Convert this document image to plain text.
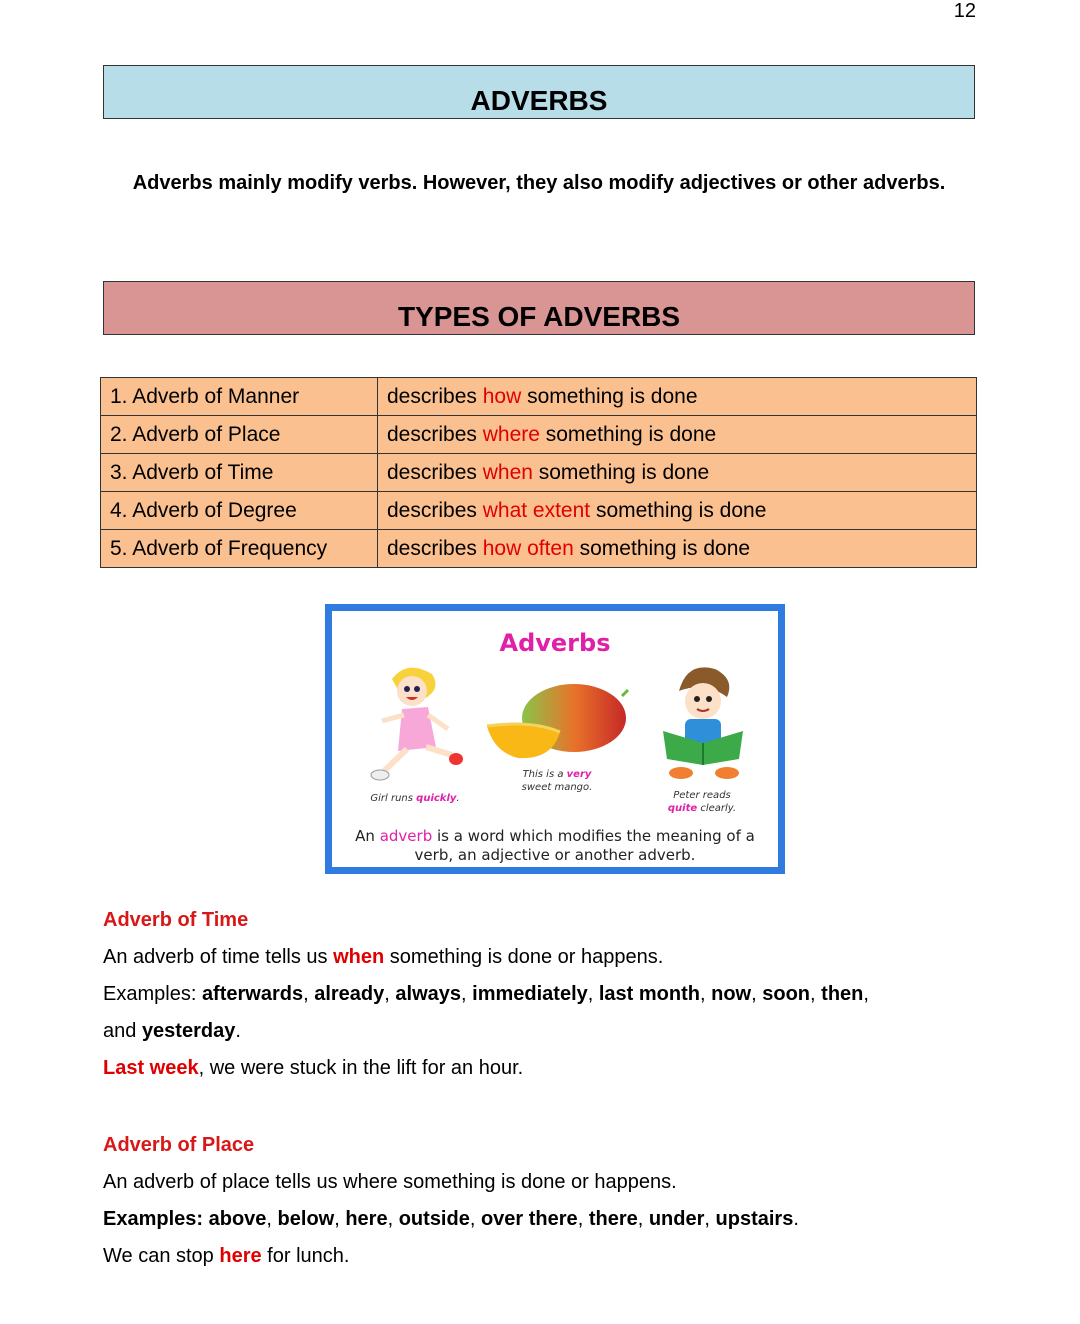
12
ADVERBS
Adverbs mainly modify verbs. However, they also modify adjectives or other adverbs.
TYPES OF ADVERBS
1. Adverb of Manner	describes how something is done
2. Adverb of Place	describes where something is done
3. Adverb of Time	describes when something is done
4. Adverb of Degree	describes what extent something is done
5. Adverb of Frequency	describes how often something is done
Adverbs
Girl runs quickly.
This is a very sweet mango.
Peter reads quite clearly.
An adverb is a word which modifies the meaning of a verb, an adjective or another adverb.

Adverb of Time

An adverb of time tells us when something is done or happens.

Examples: afterwards, already, always, immediately, last month, now, soon, then,

and yesterday.

Last week, we were stuck in the lift for an hour.

Adverb of Place

An adverb of place tells us where something is done or happens.

Examples: above, below, here, outside, over there, there, under, upstairs.

We can stop here for lunch.
